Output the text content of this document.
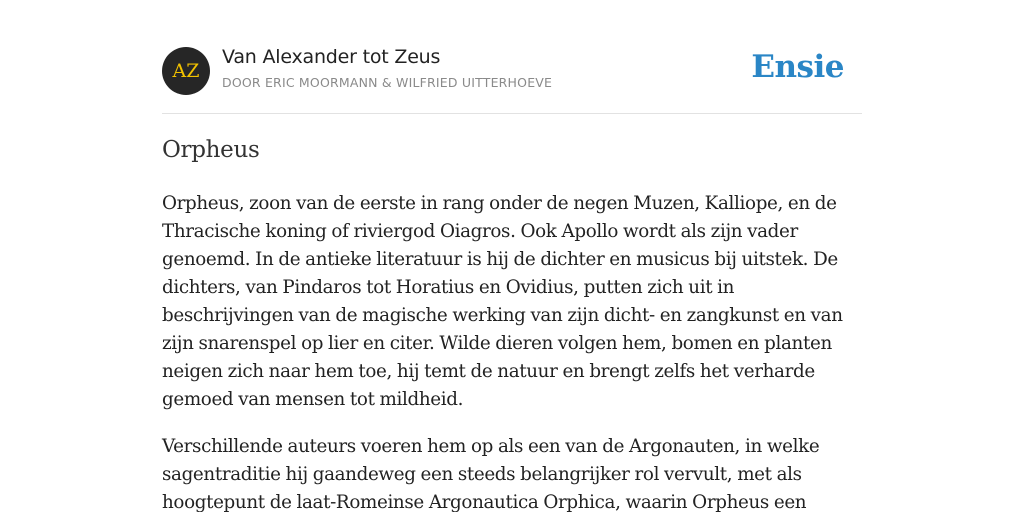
AZ
Van Alexander tot Zeus
DOOR ERIC MOORMANN & WILFRIED UITTERHOEVE	Ensie
Orpheus

Orpheus, zoon van de eerste in rang onder de negen Muzen, Kalliope, en de Thracische koning of riviergod Oiagros. Ook Apollo wordt als zijn vader genoemd. In de antieke literatuur is hij de dichter en musicus bij uitstek. De dichters, van Pindaros tot Horatius en Ovidius, putten zich uit in beschrijvingen van de magische werking van zijn dicht- en zangkunst en van zijn snarenspel op lier en citer. Wilde dieren volgen hem, bomen en planten neigen zich naar hem toe, hij temt de natuur en brengt zelfs het verharde gemoed van mensen tot mildheid.

Verschillende auteurs voeren hem op als een van de Argonauten, in welke sagentraditie hij gaandeweg een steeds belangrijker rol vervult, met als hoogtepunt de laat-Romeinse Argonautica Orphica, waarin Orpheus een
